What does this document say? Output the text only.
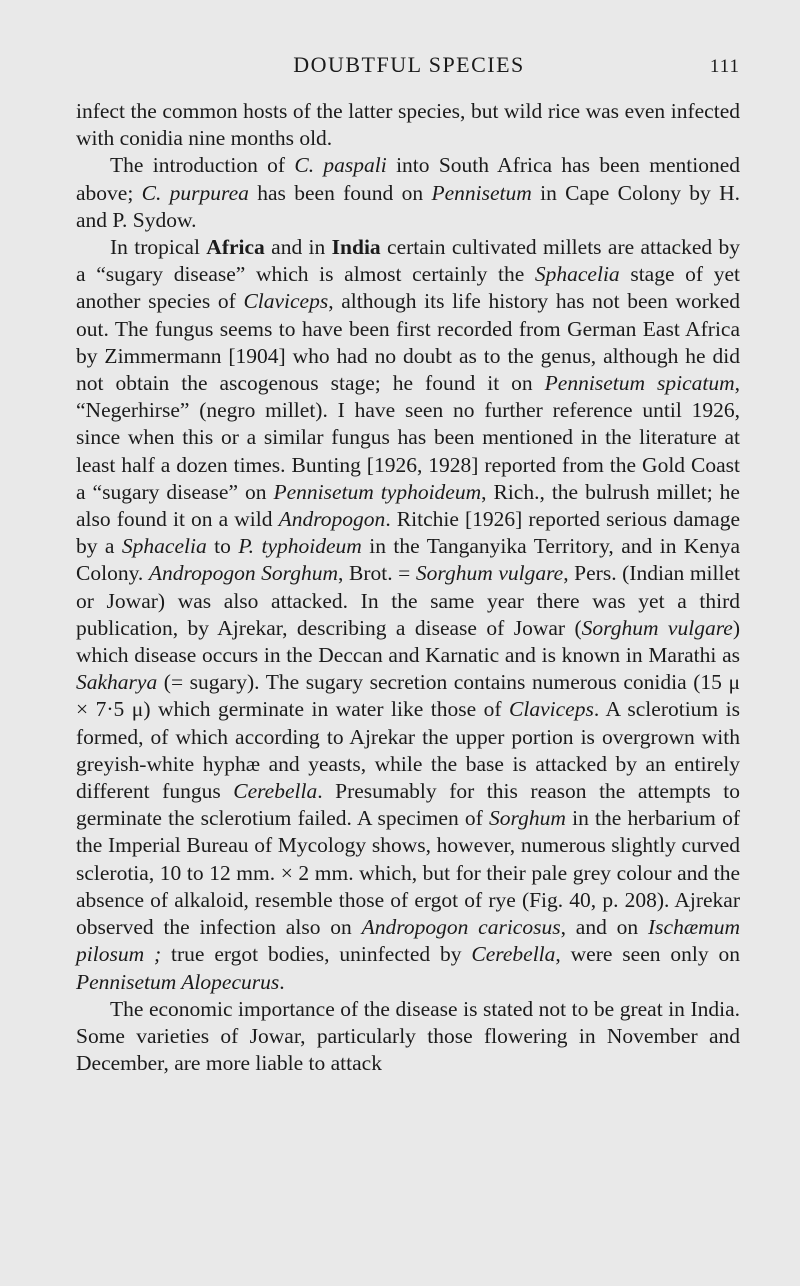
DOUBTFUL SPECIES	111

infect the common hosts of the latter species, but wild rice was even infected with conidia nine months old.

The introduction of C. paspali into South Africa has been mentioned above; C. purpurea has been found on Pennisetum in Cape Colony by H. and P. Sydow.

In tropical Africa and in India certain cultivated millets are attacked by a “sugary disease” which is almost certainly the Sphacelia stage of yet another species of Claviceps, although its life history has not been worked out. The fungus seems to have been first recorded from German East Africa by Zimmermann [1904] who had no doubt as to the genus, although he did not obtain the ascogenous stage; he found it on Pennisetum spicatum, “Negerhirse” (negro millet). I have seen no further reference until 1926, since when this or a similar fungus has been mentioned in the literature at least half a dozen times. Bunting [1926, 1928] reported from the Gold Coast a “sugary disease” on Pennisetum typhoideum, Rich., the bulrush millet; he also found it on a wild Andropogon. Ritchie [1926] reported serious damage by a Sphacelia to P. typhoideum in the Tanganyika Territory, and in Kenya Colony. Andropogon Sorghum, Brot. = Sorghum vulgare, Pers. (Indian millet or Jowar) was also attacked. In the same year there was yet a third publication, by Ajrekar, describing a disease of Jowar (Sorghum vulgare) which disease occurs in the Deccan and Karnatic and is known in Marathi as Sakharya (= sugary). The sugary secretion contains numerous conidia (15 μ × 7·5 μ) which germinate in water like those of Claviceps. A sclerotium is formed, of which according to Ajrekar the upper portion is overgrown with greyish-white hyphæ and yeasts, while the base is attacked by an entirely different fungus Cerebella. Presumably for this reason the attempts to germinate the sclerotium failed. A specimen of Sorghum in the herbarium of the Imperial Bureau of Mycology shows, however, numerous slightly curved sclerotia, 10 to 12 mm. × 2 mm. which, but for their pale grey colour and the absence of alkaloid, resemble those of ergot of rye (Fig. 40, p. 208). Ajrekar observed the infection also on Andropogon caricosus, and on Ischæmum pilosum ; true ergot bodies, uninfected by Cerebella, were seen only on Pennisetum Alopecurus.

The economic importance of the disease is stated not to be great in India. Some varieties of Jowar, particularly those flowering in November and December, are more liable to attack
